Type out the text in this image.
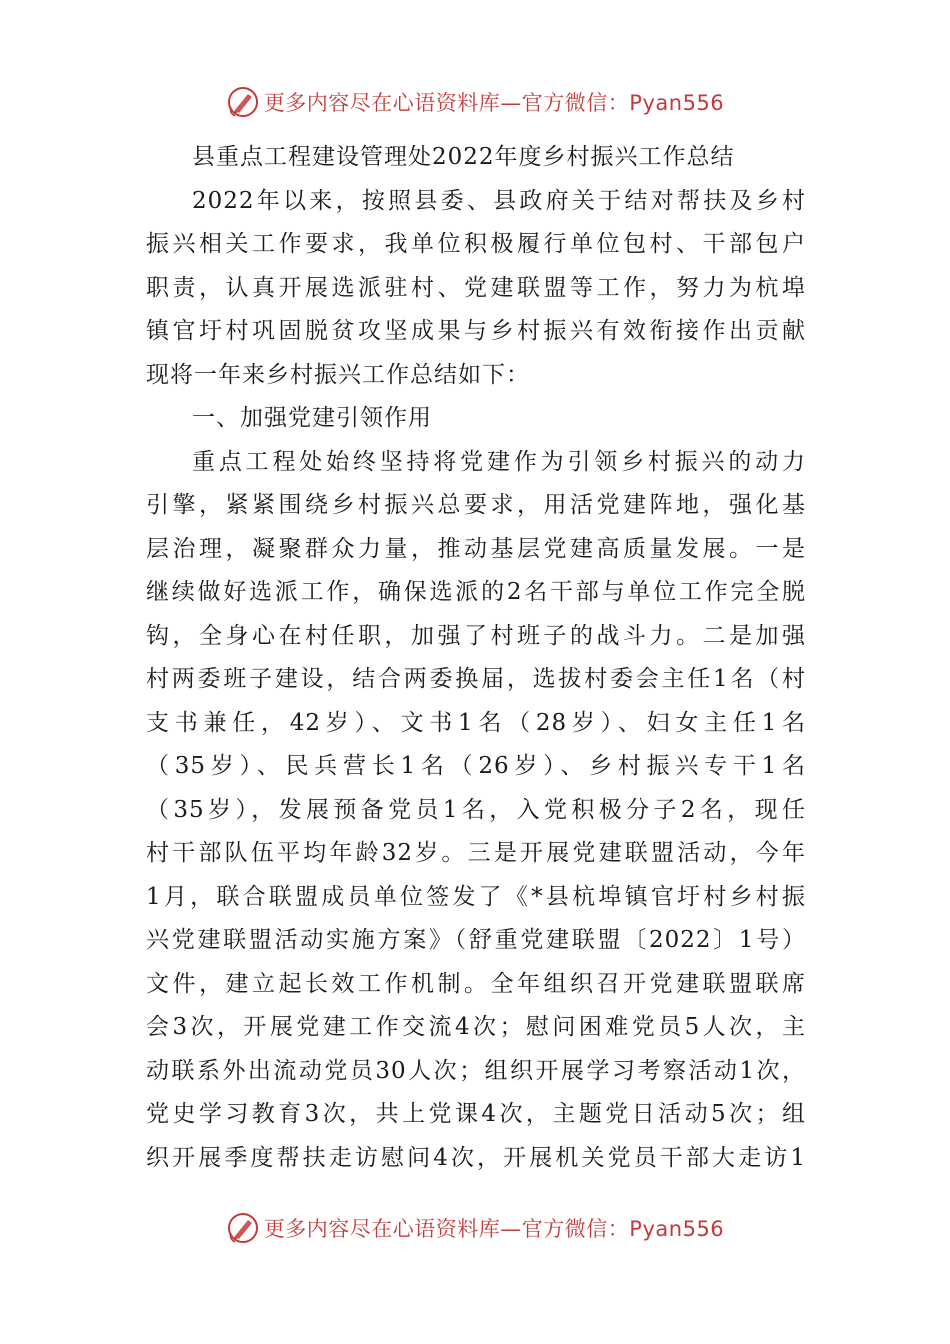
更多内容尽在心语资料库—官方微信：Pyan556
县重点工程建设管理处2022年度乡村振兴工作总结
2022年以来，按照县委、县政府关于结对帮扶及乡村
振兴相关工作要求，我单位积极履行单位包村、干部包户
职责，认真开展选派驻村、党建联盟等工作，努力为杭埠
镇官圩村巩固脱贫攻坚成果与乡村振兴有效衔接作出贡献
现将一年来乡村振兴工作总结如下：
一、加强党建引领作用
重点工程处始终坚持将党建作为引领乡村振兴的动力
引擎，紧紧围绕乡村振兴总要求，用活党建阵地，强化基
层治理，凝聚群众力量，推动基层党建高质量发展。一是
继续做好选派工作，确保选派的2名干部与单位工作完全脱
钩，全身心在村任职，加强了村班子的战斗力。二是加强
村两委班子建设，结合两委换届，选拔村委会主任1名（村
支书兼任，42岁）、文书1名（28岁）、妇女主任1名
（35岁）、民兵营长1名（26岁）、乡村振兴专干1名
（35岁），发展预备党员1名，入党积极分子2名，现任
村干部队伍平均年龄32岁。三是开展党建联盟活动，今年
1月，联合联盟成员单位签发了《*县杭埠镇官圩村乡村振
兴党建联盟活动实施方案》（舒重党建联盟〔2022〕1号）
文件，建立起长效工作机制。全年组织召开党建联盟联席
会3次，开展党建工作交流4次；慰问困难党员5人次，主
动联系外出流动党员30人次；组织开展学习考察活动1次，
党史学习教育3次，共上党课4次，主题党日活动5次；组
织开展季度帮扶走访慰问4次，开展机关党员干部大走访1
更多内容尽在心语资料库—官方微信：Pyan556
